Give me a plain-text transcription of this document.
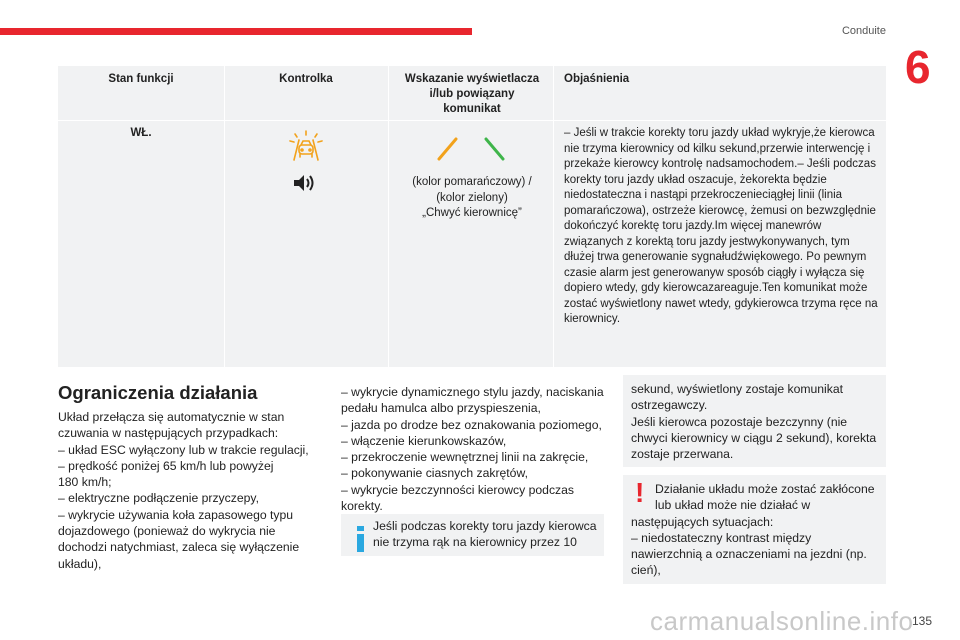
Conduite
6
Stan funkcji	Kontrolka	Wskazanie wyświetlacza
i/lub powiązany
komunikat
Objaśnienia
WŁ.
(kolor pomarańczowy) /
(kolor zielony)
„Chwyć kierownicę”
– Jeśli w trakcie korekty toru jazdy układ wykryje,że kierowca nie trzyma kierownicy od kilku sekund,przerwie interwencję i przekaże kierowcy kontrolę nadsamochodem.– Jeśli podczas korekty toru jazdy układ oszacuje, żekorekta będzie niedostateczna i nastąpi przekroczenieciągłej linii (linia pomarańczowa), ostrzeże kierowcę, żemusi on bezwzględnie dokończyć korektę toru jazdy.Im więcej manewrów związanych z korektą toru jazdy jestwykonywanych, tym dłużej trwa generowanie sygnałudźwiękowego. Po pewnym czasie alarm jest generowanyw sposób ciągły i wyłącza się dopiero wtedy, gdy kierowcazareaguje.Ten komunikat może zostać wyświetlony nawet wtedy, gdykierowca trzyma ręce na kierownicy.
Ograniczenia działania
Układ przełącza się automatycznie w stan
czuwania w następujących przypadkach:
– układ ESC wyłączony lub w trakcie regulacji,
– prędkość poniżej 65 km/h lub powyżej
180 km/h;
– elektryczne podłączenie przyczepy,
– wykrycie używania koła zapasowego typu
dojazdowego (ponieważ do wykrycia nie
dochodzi natychmiast, zaleca się wyłączenie
układu),
– wykrycie dynamicznego stylu jazdy, naciskania
pedału hamulca albo przyspieszenia,
– jazda po drodze bez oznakowania poziomego,
– włączenie kierunkowskazów,
– przekroczenie wewnętrznej linii na zakręcie,
– pokonywanie ciasnych zakrętów,
– wykrycie bezczynności kierowcy podczas
korekty.
Jeśli podczas korekty toru jazdy kierowca
nie trzyma rąk na kierownicy przez 10
sekund, wyświetlony zostaje komunikat
ostrzegawczy.
Jeśli kierowca pozostaje bezczynny (nie
chwyci kierownicy w ciągu 2 sekund), korekta
zostaje przerwana.
! Działanie układu może zostać zakłócone
lub układ może nie działać w
następujących sytuacjach:
– niedostateczny kontrast między
nawierzchnią a oznaczeniami na jezdni (np.
cień),
carmanualsonline.info
135
